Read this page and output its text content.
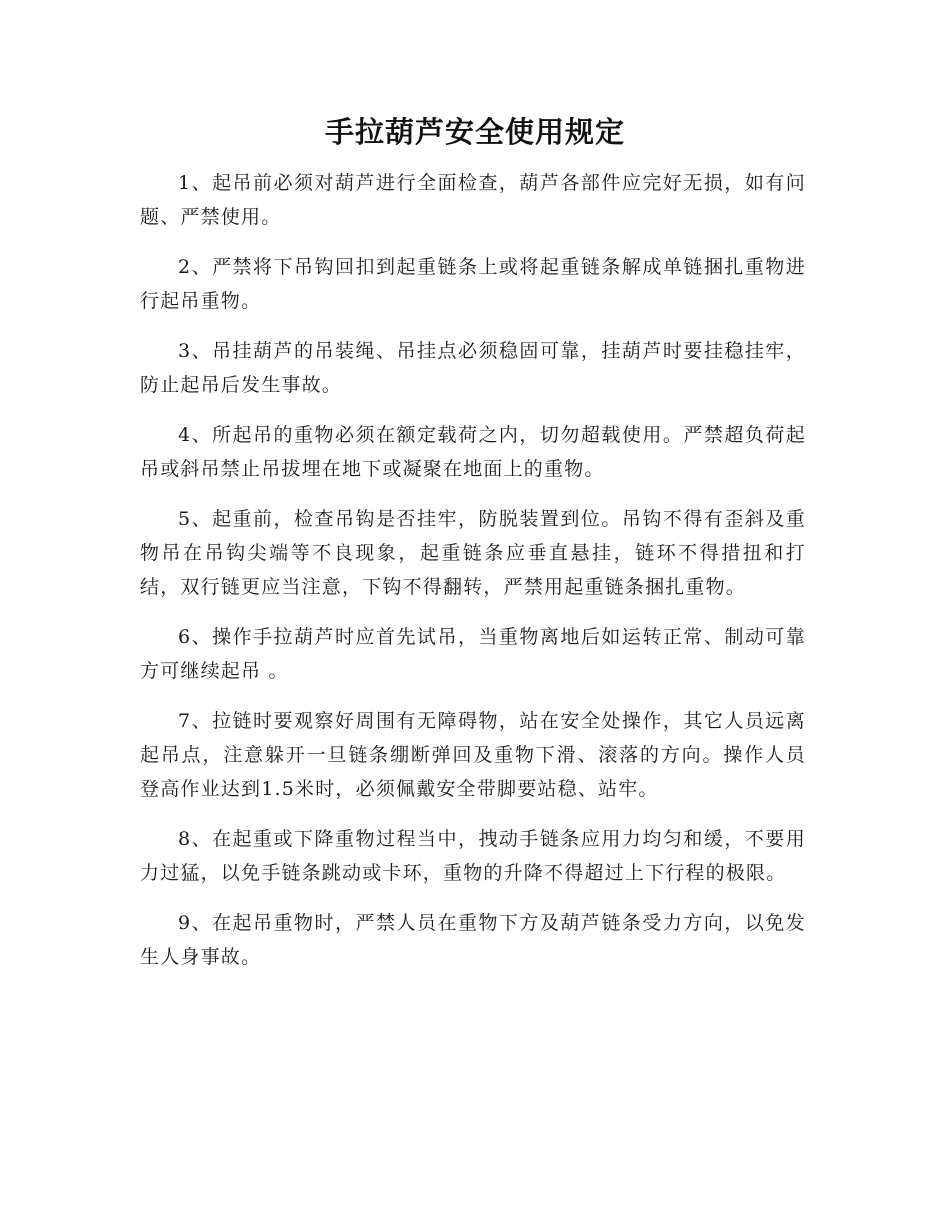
手拉葫芦安全使用规定

1、起吊前必须对葫芦进行全面检查，葫芦各部件应完好无损，如有问题、严禁使用。

2、严禁将下吊钩回扣到起重链条上或将起重链条解成单链捆扎重物进行起吊重物。

3、吊挂葫芦的吊装绳、吊挂点必须稳固可靠，挂葫芦时要挂稳挂牢，防止起吊后发生事故。

4、所起吊的重物必须在额定载荷之内，切勿超载使用。严禁超负荷起吊或斜吊禁止吊拔埋在地下或凝聚在地面上的重物。

5、起重前，检查吊钩是否挂牢，防脱装置到位。吊钩不得有歪斜及重物吊在吊钩尖端等不良现象，起重链条应垂直悬挂，链环不得措扭和打结，双行链更应当注意，下钩不得翻转，严禁用起重链条捆扎重物。

6、操作手拉葫芦时应首先试吊，当重物离地后如运转正常、制动可靠方可继续起吊 。

7、拉链时要观察好周围有无障碍物，站在安全处操作，其它人员远离起吊点，注意躲开一旦链条绷断弹回及重物下滑、滚落的方向。操作人员登高作业达到1.5米时，必须佩戴安全带脚要站稳、站牢。

8、在起重或下降重物过程当中，拽动手链条应用力均匀和缓，不要用力过猛，以免手链条跳动或卡环，重物的升降不得超过上下行程的极限。

9、在起吊重物时，严禁人员在重物下方及葫芦链条受力方向，以免发生人身事故。
